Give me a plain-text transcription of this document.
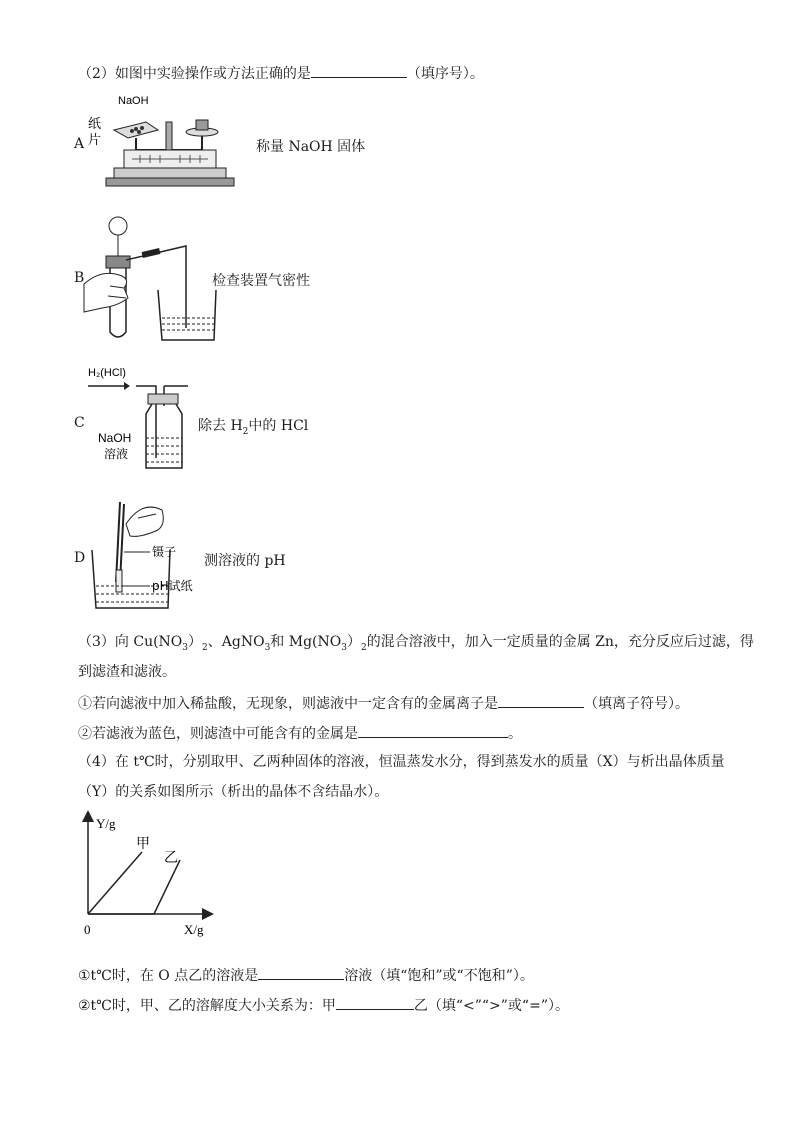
（2）如图中实验操作或方法正确的是	（填序号）。
A
NaOH
纸
片	称量 NaOH 固体
B	检查装置气密性
C
H₂(HCl)
NaOH
溶液
除去 $H_2$中的 HCl
D	镊子
pH试纸
测溶液的 pH
（3）向 $Cu(NO_3)_2$、AgNO$_3$和 $Mg(NO_3)_2$的混合溶液中，加入一定质量的金属 Zn，充分反应后过滤，得
到滤渣和滤液。
①若向滤液中加入稀盐酸，无现象，则滤液中一定含有的金属离子是	（填离子符号）。
②若滤液为蓝色，则滤渣中可能含有的金属是	。
（4）在 t℃时，分别取甲、乙两种固体的溶液，恒温蒸发水分，得到蒸发水的质量（X）与析出晶体质量
（Y）的关系如图所示（析出的晶体不含结晶水）。
Y/g
X/g
0
甲
乙
①t℃时，在 O 点乙的溶液是	溶液（填“饱和”或“不饱和”）。
②t℃时，甲、乙的溶解度大小关系为：甲	乙（填“<”“>”或“=”）。
